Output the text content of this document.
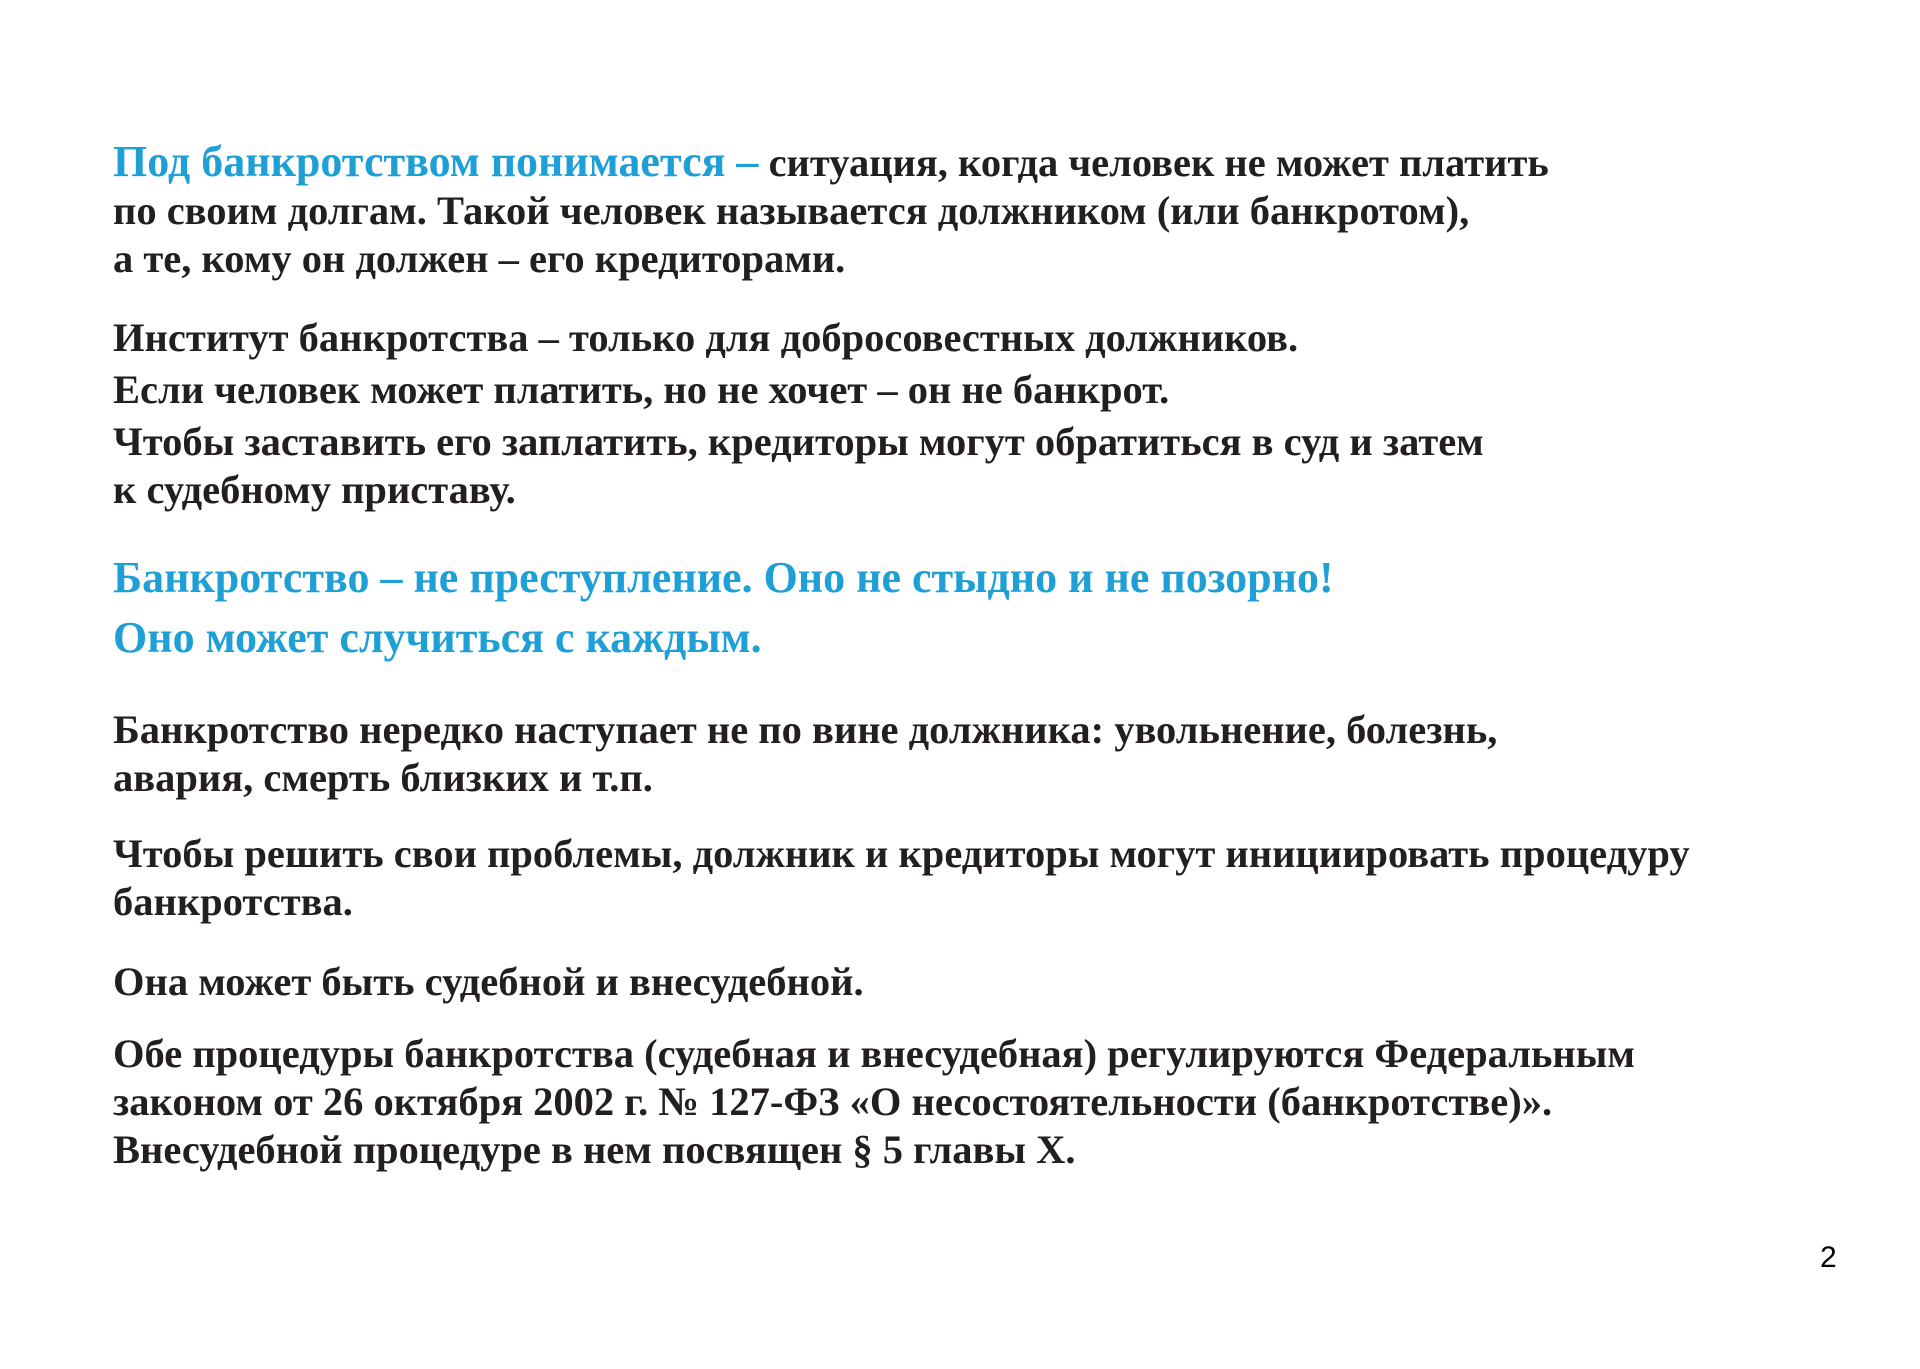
Под банкротством понимается – ситуация, когда человек не может платить
по своим долгам. Такой человек называется должником (или банкротом),
а те, кому он должен – его кредиторами.

Институт банкротства – только для добросовестных должников.
Если человек может платить, но не хочет – он не банкрот.
Чтобы заставить его заплатить, кредиторы могут обратиться в суд и затем
к судебному приставу.

Банкротство – не преступление. Оно не стыдно и не позорно!
Оно может случиться с каждым.

Банкротство нередко наступает не по вине должника: увольнение, болезнь,
авария, смерть близких и т.п.

Чтобы решить свои проблемы, должник и кредиторы могут инициировать процедуру
банкротства.

Она может быть судебной и внесудебной.

Обе процедуры банкротства (судебная и внесудебная) регулируются Федеральным
законом от 26 октября 2002 г. № 127-ФЗ «О несостоятельности (банкротстве)».
Внесудебной процедуре в нем посвящен § 5 главы X.

2
